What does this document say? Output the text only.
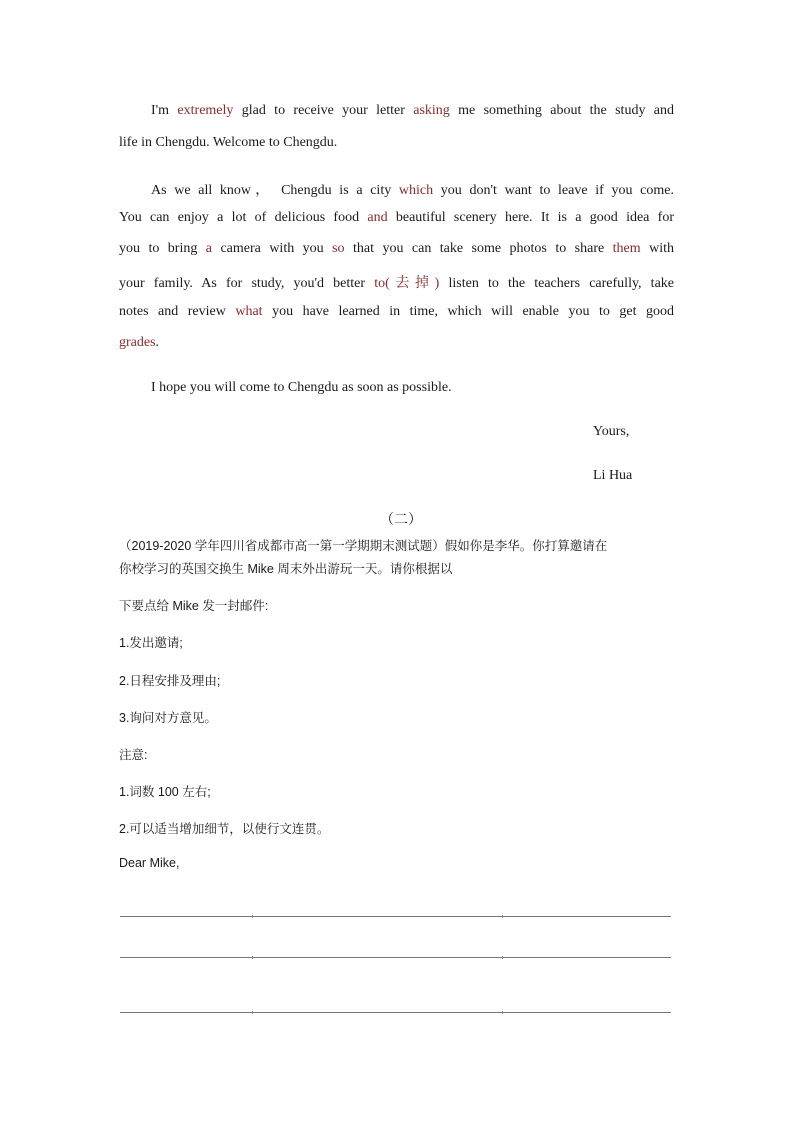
I'm extremely glad to receive your letter asking me something about the study and
life in Chengdu. Welcome to Chengdu.
As we all know， Chengdu is a city which you don't want to leave if you come.
You can enjoy a lot of delicious food and beautiful scenery here. It is a good idea for
you to bring a camera with you so that you can take some photos to share them with
your family. As for study, you'd better to(去掉) listen to the teachers carefully, take
notes and review what you have learned in time, which will enable you to get good
grades.
I hope you will come to Chengdu as soon as possible.
Yours,
Li Hua
（二）
（2019-2020 学年四川省成都市高一第一学期期末测试题）假如你是李华。你打算邀请在
你校学习的英国交换生 Mike 周末外出游玩一天。请你根据以
下要点给 Mike 发一封邮件:
1.发出邀请;
2.日程安排及理由;
3.询问对方意见。
注意:
1.词数 100 左右;
2.可以适当增加细节，以使行文连贯。
Dear Mike,
